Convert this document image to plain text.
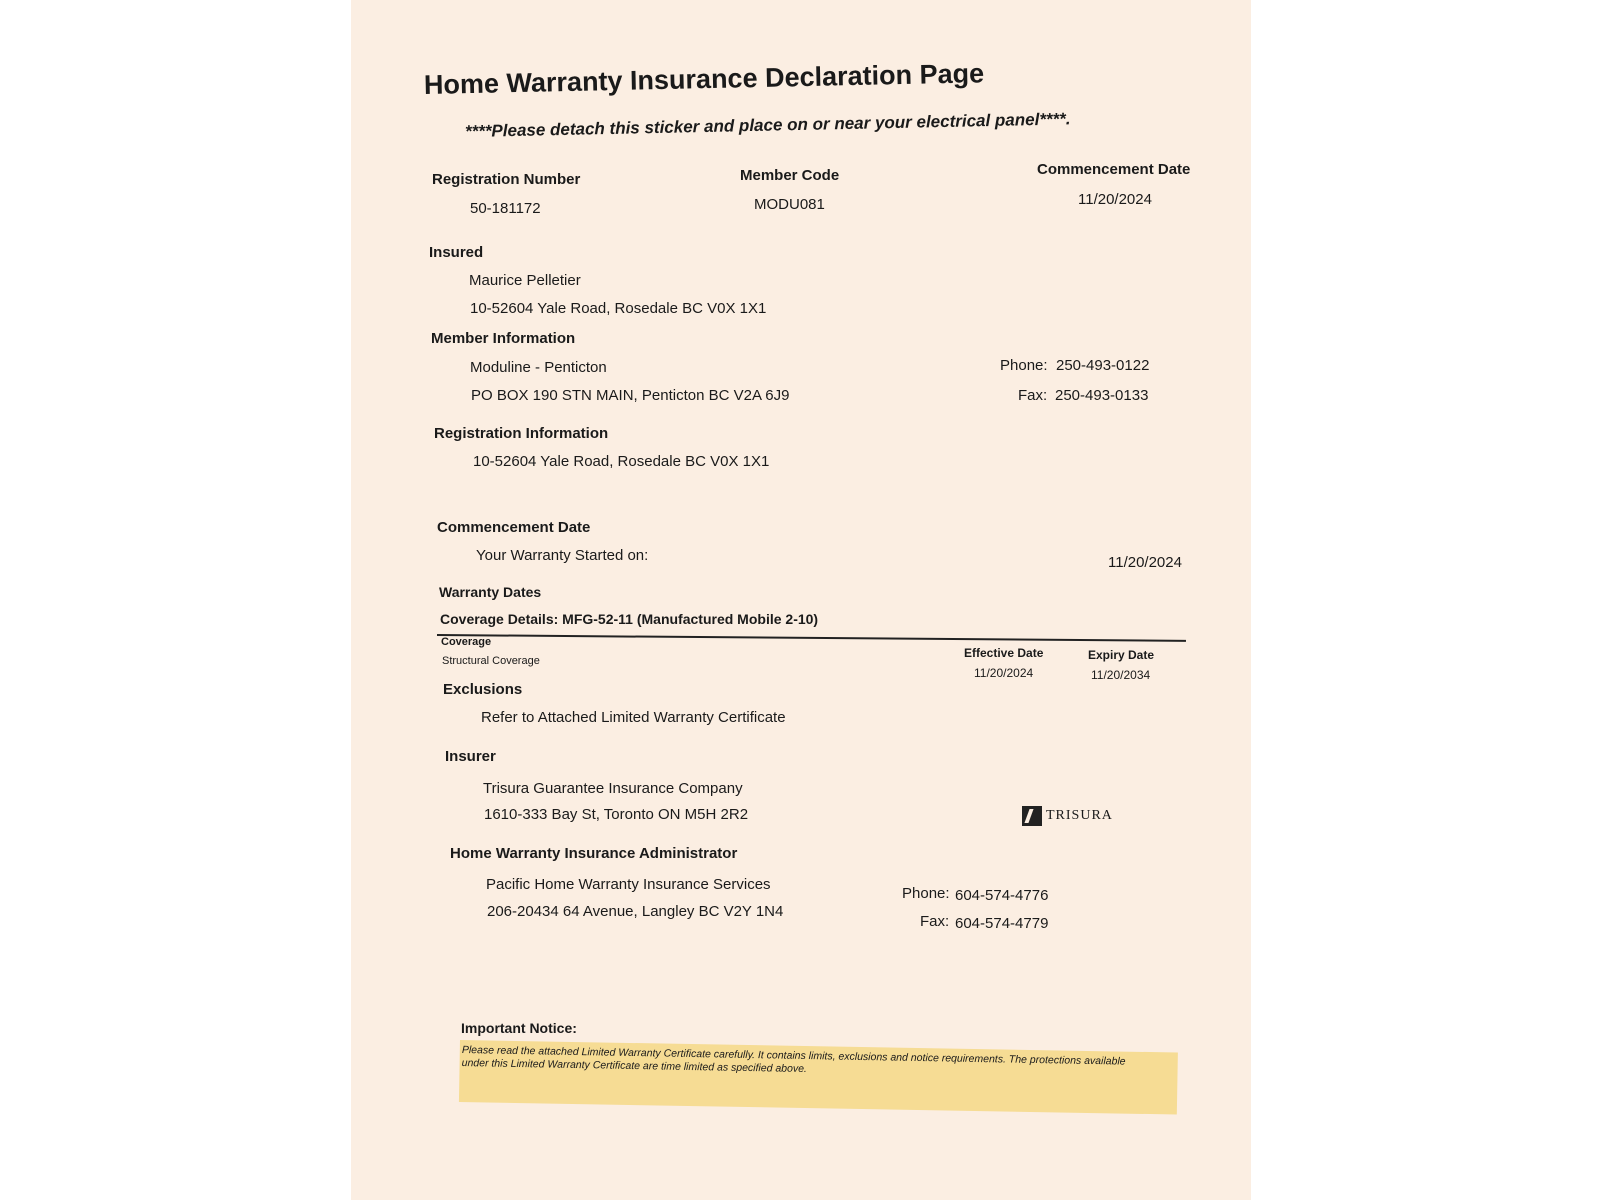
Home Warranty Insurance Declaration Page
****Please detach this sticker and place on or near your electrical panel****.
Registration Number
50-181172
Member Code
MODU081
Commencement Date
11/20/2024
Insured
Maurice Pelletier
10-52604 Yale Road, Rosedale BC V0X 1X1
Member Information
Moduline - Penticton
PO BOX 190 STN MAIN, Penticton BC V2A 6J9
Phone: 250-493-0122
Fax: 250-493-0133
Registration Information
10-52604 Yale Road, Rosedale BC V0X 1X1
Commencement Date
Your Warranty Started on:	11/20/2024
Warranty Dates
Coverage Details: MFG-52-11 (Manufactured Mobile 2-10)
Coverage
Structural Coverage
Effective Date
11/20/2024
Expiry Date
11/20/2034
Exclusions
Refer to Attached Limited Warranty Certificate
Insurer
Trisura Guarantee Insurance Company
1610-333 Bay St, Toronto ON M5H 2R2	TRISURA
Home Warranty Insurance Administrator
Pacific Home Warranty Insurance Services
206-20434 64 Avenue, Langley BC V2Y 1N4
Phone: 604-574-4776
Fax: 604-574-4779
Important Notice:
Please read the attached Limited Warranty Certificate carefully. It contains limits, exclusions and notice requirements. The protections available under this Limited Warranty Certificate are time limited as specified above.
